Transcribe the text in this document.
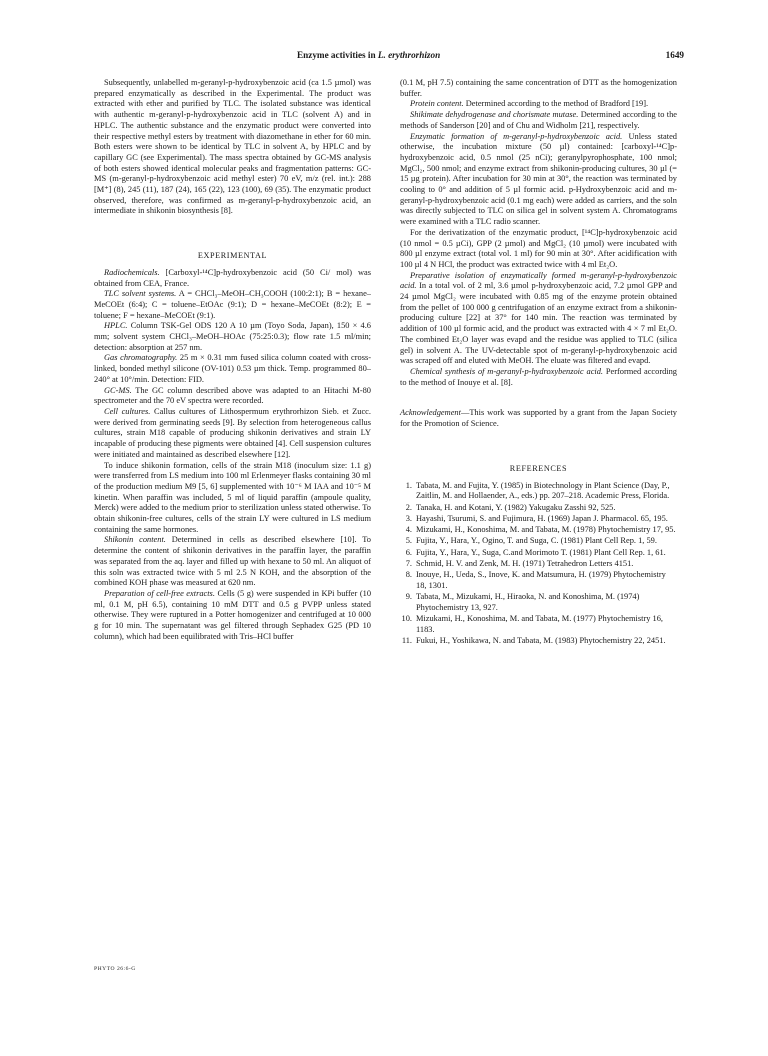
Enzyme activities in L. erythrorhizon	1649

Subsequently, unlabelled m-geranyl-p-hydroxybenzoic acid (ca 1.5 µmol) was prepared enzymatically as described in the Experimental. The product was extracted with ether and purified by TLC. The isolated substance was identical with authentic m-geranyl-p-hydroxybenzoic acid in TLC (solvent A) and in HPLC. The authentic substance and the enzymatic product were converted into their respective methyl esters by treatment with diazomethane in ether for 60 min. Both esters were shown to be identical by TLC in solvent A, by HPLC and by capillary GC (see Experimental). The mass spectra obtained by GC-MS analysis of both esters showed identical molecular peaks and fragmentation patterns: GC-MS (m-geranyl-p-hydroxybenzoic acid methyl ester) 70 eV, m/z (rel. int.): 288 [M⁺] (8), 245 (11), 187 (24), 165 (22), 123 (100), 69 (35). The enzymatic product observed, therefore, was confirmed as m-geranyl-p-hydroxybenzoic acid, an intermediate in shikonin biosynthesis [8].

EXPERIMENTAL

Radiochemicals. [Carboxyl-¹⁴C]p-hydroxybenzoic acid (50 Ci/ mol) was obtained from CEA, France.

TLC solvent systems. A = CHCl₃–MeOH–CH₃COOH (100:2:1); B = hexane–MeCOEt (6:4); C = toluene–EtOAc (9:1); D = hexane–MeCOEt (8:2); E = toluene; F = hexane–MeCOEt (9:1).

HPLC. Column TSK-Gel ODS 120 A 10 µm (Toyo Soda, Japan), 150 × 4.6 mm; solvent system CHCl₃–MeOH–HOAc (75:25:0.3); flow rate 1.5 ml/min; detection: absorption at 257 nm.

Gas chromatography. 25 m × 0.31 mm fused silica column coated with cross-linked, bonded methyl silicone (OV-101) 0.53 µm thick. Temp. programmed 80–240° at 10°/min. Detection: FID.

GC-MS. The GC column described above was adapted to an Hitachi M-80 spectrometer and the 70 eV spectra were recorded.

Cell cultures. Callus cultures of Lithospermum erythrorhizon Sieb. et Zucc. were derived from germinating seeds [9]. By selection from heterogeneous callus cultures, strain M18 capable of producing shikonin derivatives and strain LY incapable of producing these pigments were obtained [4]. Cell suspension cultures were initiated and maintained as described elsewhere [12].

To induce shikonin formation, cells of the strain M18 (inoculum size: 1.1 g) were transferred from LS medium into 100 ml Erlenmeyer flasks containing 30 ml of the production medium M9 [5, 6] supplemented with 10⁻⁶ M IAA and 10⁻⁵ M kinetin. When paraffin was included, 5 ml of liquid paraffin (ampoule quality, Merck) were added to the medium prior to sterilization unless stated otherwise. To obtain shikonin-free cultures, cells of the strain LY were cultured in LS medium containing the same hormones.

Shikonin content. Determined in cells as described elsewhere [10]. To determine the content of shikonin derivatives in the paraffin layer, the paraffin was separated from the aq. layer and filled up with hexane to 50 ml. An aliquot of this soln was extracted twice with 5 ml 2.5 N KOH, and the absorption of the combined KOH phase was measured at 620 nm.

Preparation of cell-free extracts. Cells (5 g) were suspended in KPi buffer (10 ml, 0.1 M, pH 6.5), containing 10 mM DTT and 0.5 g PVPP unless stated otherwise. They were ruptured in a Potter homogenizer and centrifuged at 10 000 g for 10 min. The supernatant was gel filtered through Sephadex G25 (PD 10 column), which had been equilibrated with Tris–HCl buffer

(0.1 M, pH 7.5) containing the same concentration of DTT as the homogenization buffer.

Protein content. Determined according to the method of Bradford [19].

Shikimate dehydrogenase and chorismate mutase. Determined according to the methods of Sanderson [20] and of Chu and Widholm [21], respectively.

Enzymatic formation of m-geranyl-p-hydroxybenzoic acid. Unless stated otherwise, the incubation mixture (50 µl) contained: [carboxyl-¹⁴C]p-hydroxybenzoic acid, 0.5 nmol (25 nCi); geranylpyrophosphate, 100 nmol; MgCl₂, 500 nmol; and enzyme extract from shikonin-producing cultures, 30 µl (= 15 µg protein). After incubation for 30 min at 30°, the reaction was terminated by cooling to 0° and addition of 5 µl formic acid. p-Hydroxybenzoic acid and m-geranyl-p-hydroxybenzoic acid (0.1 mg each) were added as carriers, and the soln was directly subjected to TLC on silica gel in solvent system A. Chromatograms were examined with a TLC radio scanner.

For the derivatization of the enzymatic product, [¹⁴C]p-hydroxybenzoic acid (10 nmol = 0.5 µCi), GPP (2 µmol) and MgCl₂ (10 µmol) were incubated with 800 µl enzyme extract (total vol. 1 ml) for 90 min at 30°. After acidification with 100 µl 4 N HCl, the product was extracted twice with 4 ml Et₂O.

Preparative isolation of enzymatically formed m-geranyl-p-hydroxybenzoic acid. In a total vol. of 2 ml, 3.6 µmol p-hydroxybenzoic acid, 7.2 µmol GPP and 24 µmol MgCl₂ were incubated with 0.85 mg of the enzyme protein obtained from the pellet of 100 000 g centrifugation of an enzyme extract from a shikonin-producing culture [22] at 37° for 140 min. The reaction was terminated by addition of 100 µl formic acid, and the product was extracted with 4 × 7 ml Et₂O. The combined Et₂O layer was evapd and the residue was applied to TLC (silica gel) in solvent A. The UV-detectable spot of m-geranyl-p-hydroxybenzoic acid was scraped off and eluted with MeOH. The eluate was filtered and evapd.

Chemical synthesis of m-geranyl-p-hydroxybenzoic acid. Performed according to the method of Inouye et al. [8].

Acknowledgement—This work was supported by a grant from the Japan Society for the Promotion of Science.

REFERENCES
1. Tabata, M. and Fujita, Y. (1985) in Biotechnology in Plant Science (Day, P., Zaitlin, M. and Hollaender, A., eds.) pp. 207–218. Academic Press, Florida.
2. Tanaka, H. and Kotani, Y. (1982) Yakugaku Zasshi 92, 525.
3. Hayashi, Tsurumi, S. and Fujimura, H. (1969) Japan J. Pharmacol. 65, 195.
4. Mizukami, H., Konoshima, M. and Tabata, M. (1978) Phytochemistry 17, 95.
5. Fujita, Y., Hara, Y., Ogino, T. and Suga, C. (1981) Plant Cell Rep. 1, 59.
6. Fujita, Y., Hara, Y., Suga, C.and Morimoto T. (1981) Plant Cell Rep. 1, 61.
7. Schmid, H. V. and Zenk, M. H. (1971) Tetrahedron Letters 4151.
8. Inouye, H., Ueda, S., Inove, K. and Matsumura, H. (1979) Phytochemistry 18, 1301.
9. Tabata, M., Mizukami, H., Hiraoka, N. and Konoshima, M. (1974) Phytochemistry 13, 927.
10. Mizukami, H., Konoshima, M. and Tabata, M. (1977) Phytochemistry 16, 1183.
11. Fukui, H., Yoshikawa, N. and Tabata, M. (1983) Phytochemistry 22, 2451.
PHYTO 26:6-G
